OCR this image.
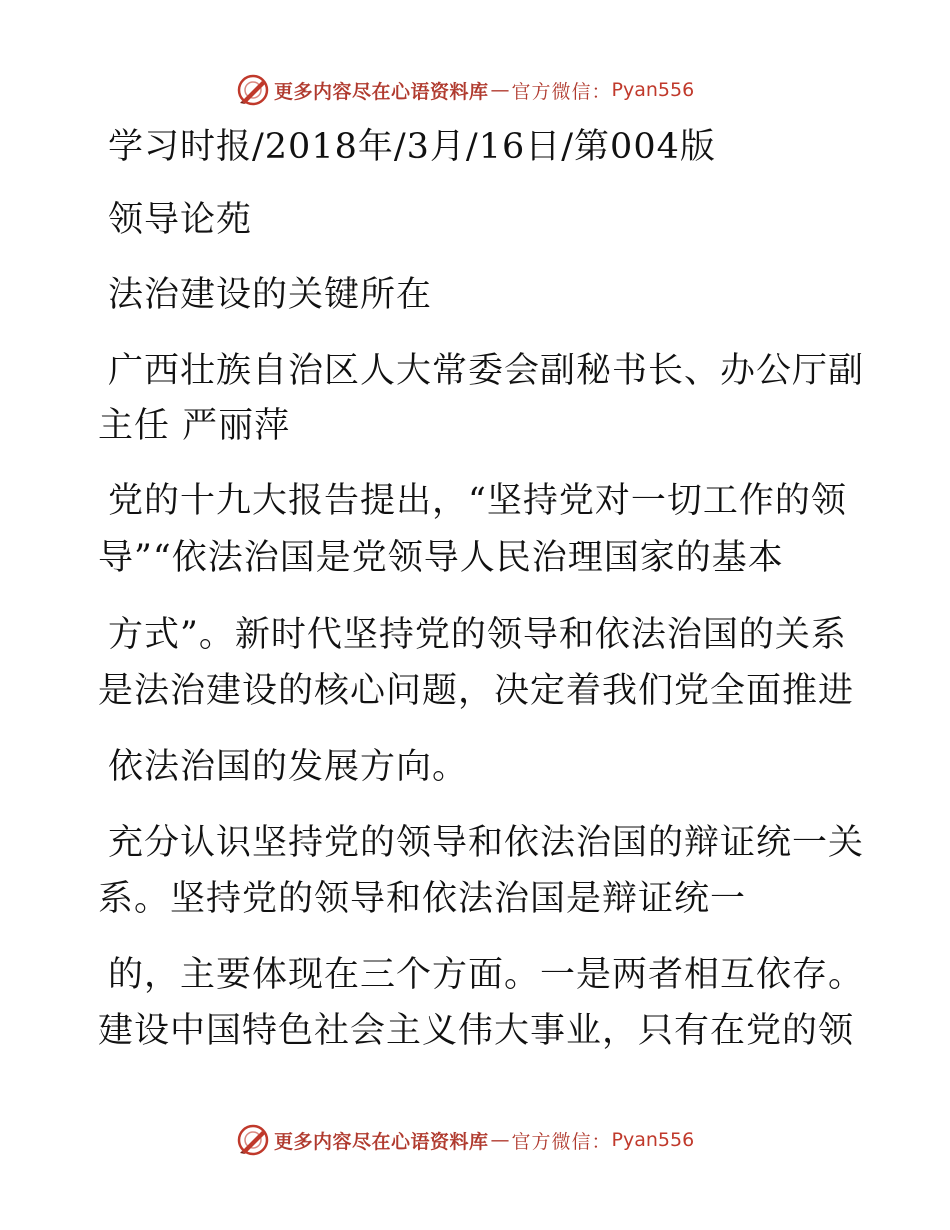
更多内容尽在心语资料库 — 官方微信： Pyan556
学习时报/2018年/3月/16日/第004版
领导论苑
法治建设的关键所在
广西壮族自治区人大常委会副秘书长、办公厅副
主任 严丽萍
党的十九大报告提出，“坚持党对一切工作的领
导”“依法治国是党领导人民治理国家的基本
方式”。新时代坚持党的领导和依法治国的关系
是法治建设的核心问题，决定着我们党全面推进
依法治国的发展方向。
充分认识坚持党的领导和依法治国的辩证统一关
系。坚持党的领导和依法治国是辩证统一
的，主要体现在三个方面。一是两者相互依存。
建设中国特色社会主义伟大事业，只有在党的领
更多内容尽在心语资料库 — 官方微信： Pyan556
